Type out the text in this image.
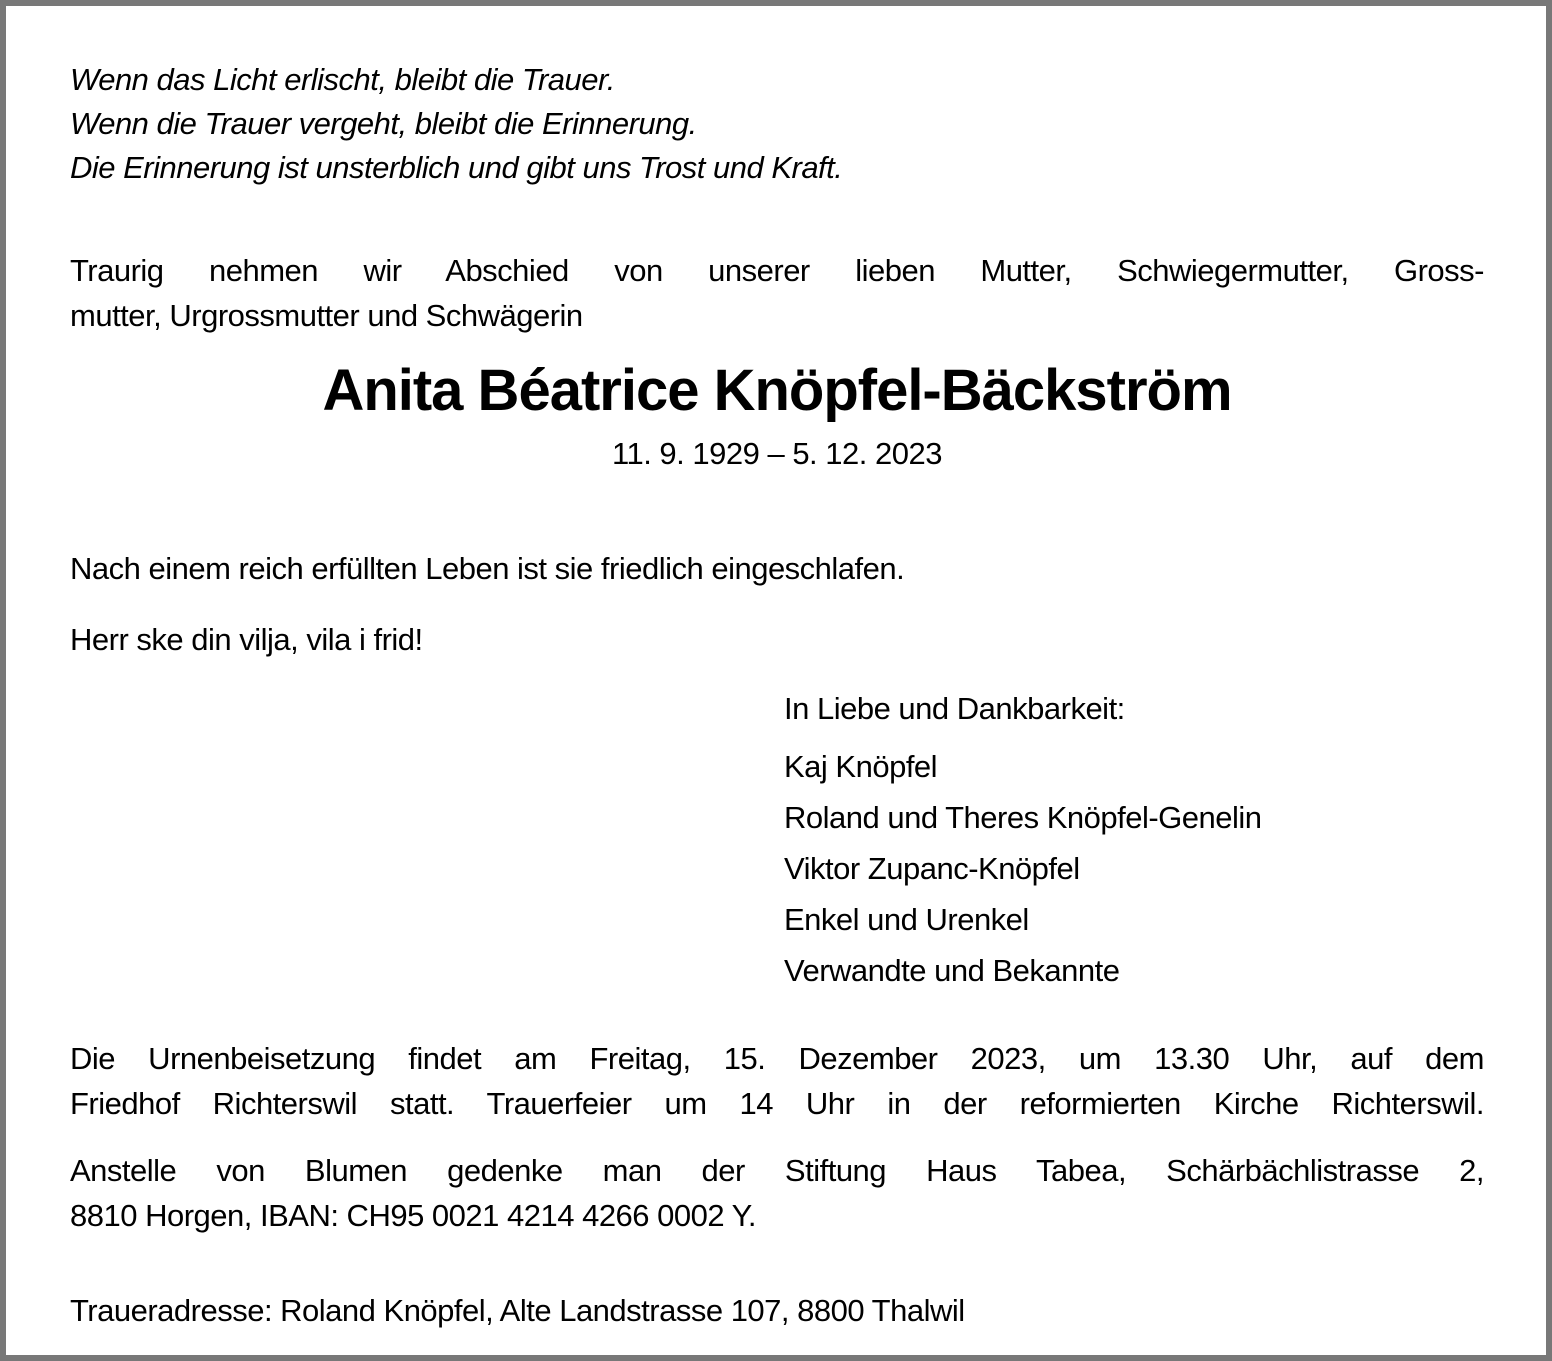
Wenn das Licht erlischt, bleibt die Trauer.
Wenn die Trauer vergeht, bleibt die Erinnerung.
Die Erinnerung ist unsterblich und gibt uns Trost und Kraft.
Traurig nehmen wir Abschied von unserer lieben Mutter, Schwiegermutter, Gross-
mutter, Urgrossmutter und Schwägerin
Anita Béatrice Knöpfel-Bäckström
11. 9. 1929 – 5. 12. 2023
Nach einem reich erfüllten Leben ist sie friedlich eingeschlafen.
Herr ske din vilja, vila i frid!
In Liebe und Dankbarkeit:
Kaj Knöpfel
Roland und Theres Knöpfel-Genelin
Viktor Zupanc-Knöpfel
Enkel und Urenkel
Verwandte und Bekannte
Die Urnenbeisetzung findet am Freitag, 15. Dezember 2023, um 13.30 Uhr, auf dem
Friedhof Richterswil statt. Trauerfeier um 14 Uhr in der reformierten Kirche Richterswil.
Anstelle von Blumen gedenke man der Stiftung Haus Tabea, Schärbächlistrasse 2,
8810 Horgen, IBAN: CH95 0021 4214 4266 0002 Y.
Traueradresse: Roland Knöpfel, Alte Landstrasse 107, 8800 Thalwil
